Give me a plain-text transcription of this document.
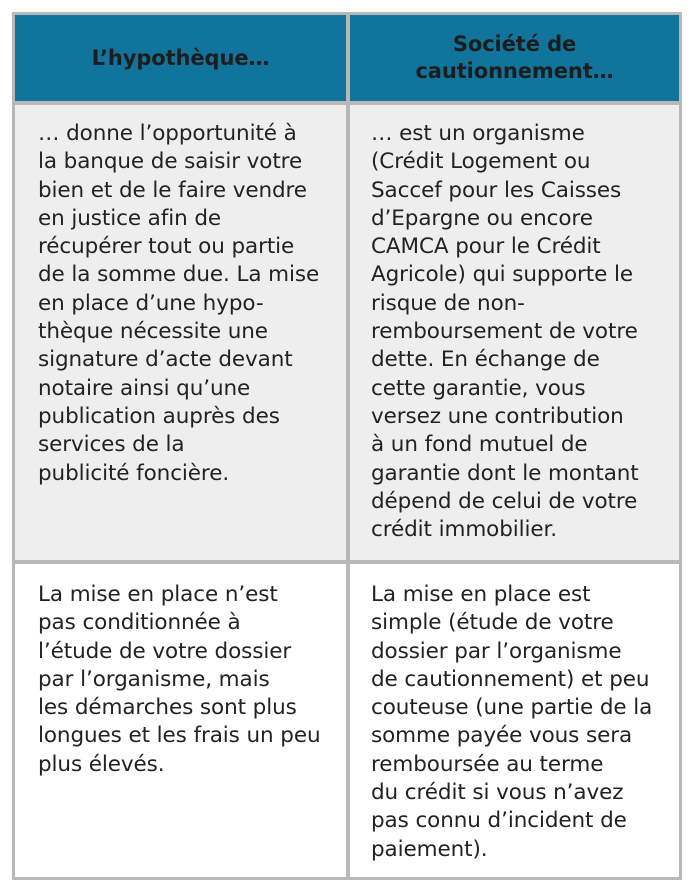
L’hypothèque…
Société de
cautionnement…
… donne l’opportunité à
la banque de saisir votre
bien et de le faire vendre
en justice afin de
récupérer tout ou partie
de la somme due. La mise
en place d’une hypo-
thèque nécessite une
signature d’acte devant
notaire ainsi qu’une
publication auprès des
services de la
publicité foncière.
… est un organisme
(Crédit Logement ou
Saccef pour les Caisses
d’Epargne ou encore
CAMCA pour le Crédit
Agricole) qui supporte le
risque de non-
remboursement de votre
dette. En échange de
cette garantie, vous
versez une contribution
à un fond mutuel de
garantie dont le montant
dépend de celui de votre
crédit immobilier.
La mise en place n’est
pas conditionnée à
l’étude de votre dossier
par l’organisme, mais
les démarches sont plus
longues et les frais un peu
plus élevés.
La mise en place est
simple (étude de votre
dossier par l’organisme
de cautionnement) et peu
couteuse (une partie de la
somme payée vous sera
remboursée au terme
du crédit si vous n’avez
pas connu d’incident de
paiement).
